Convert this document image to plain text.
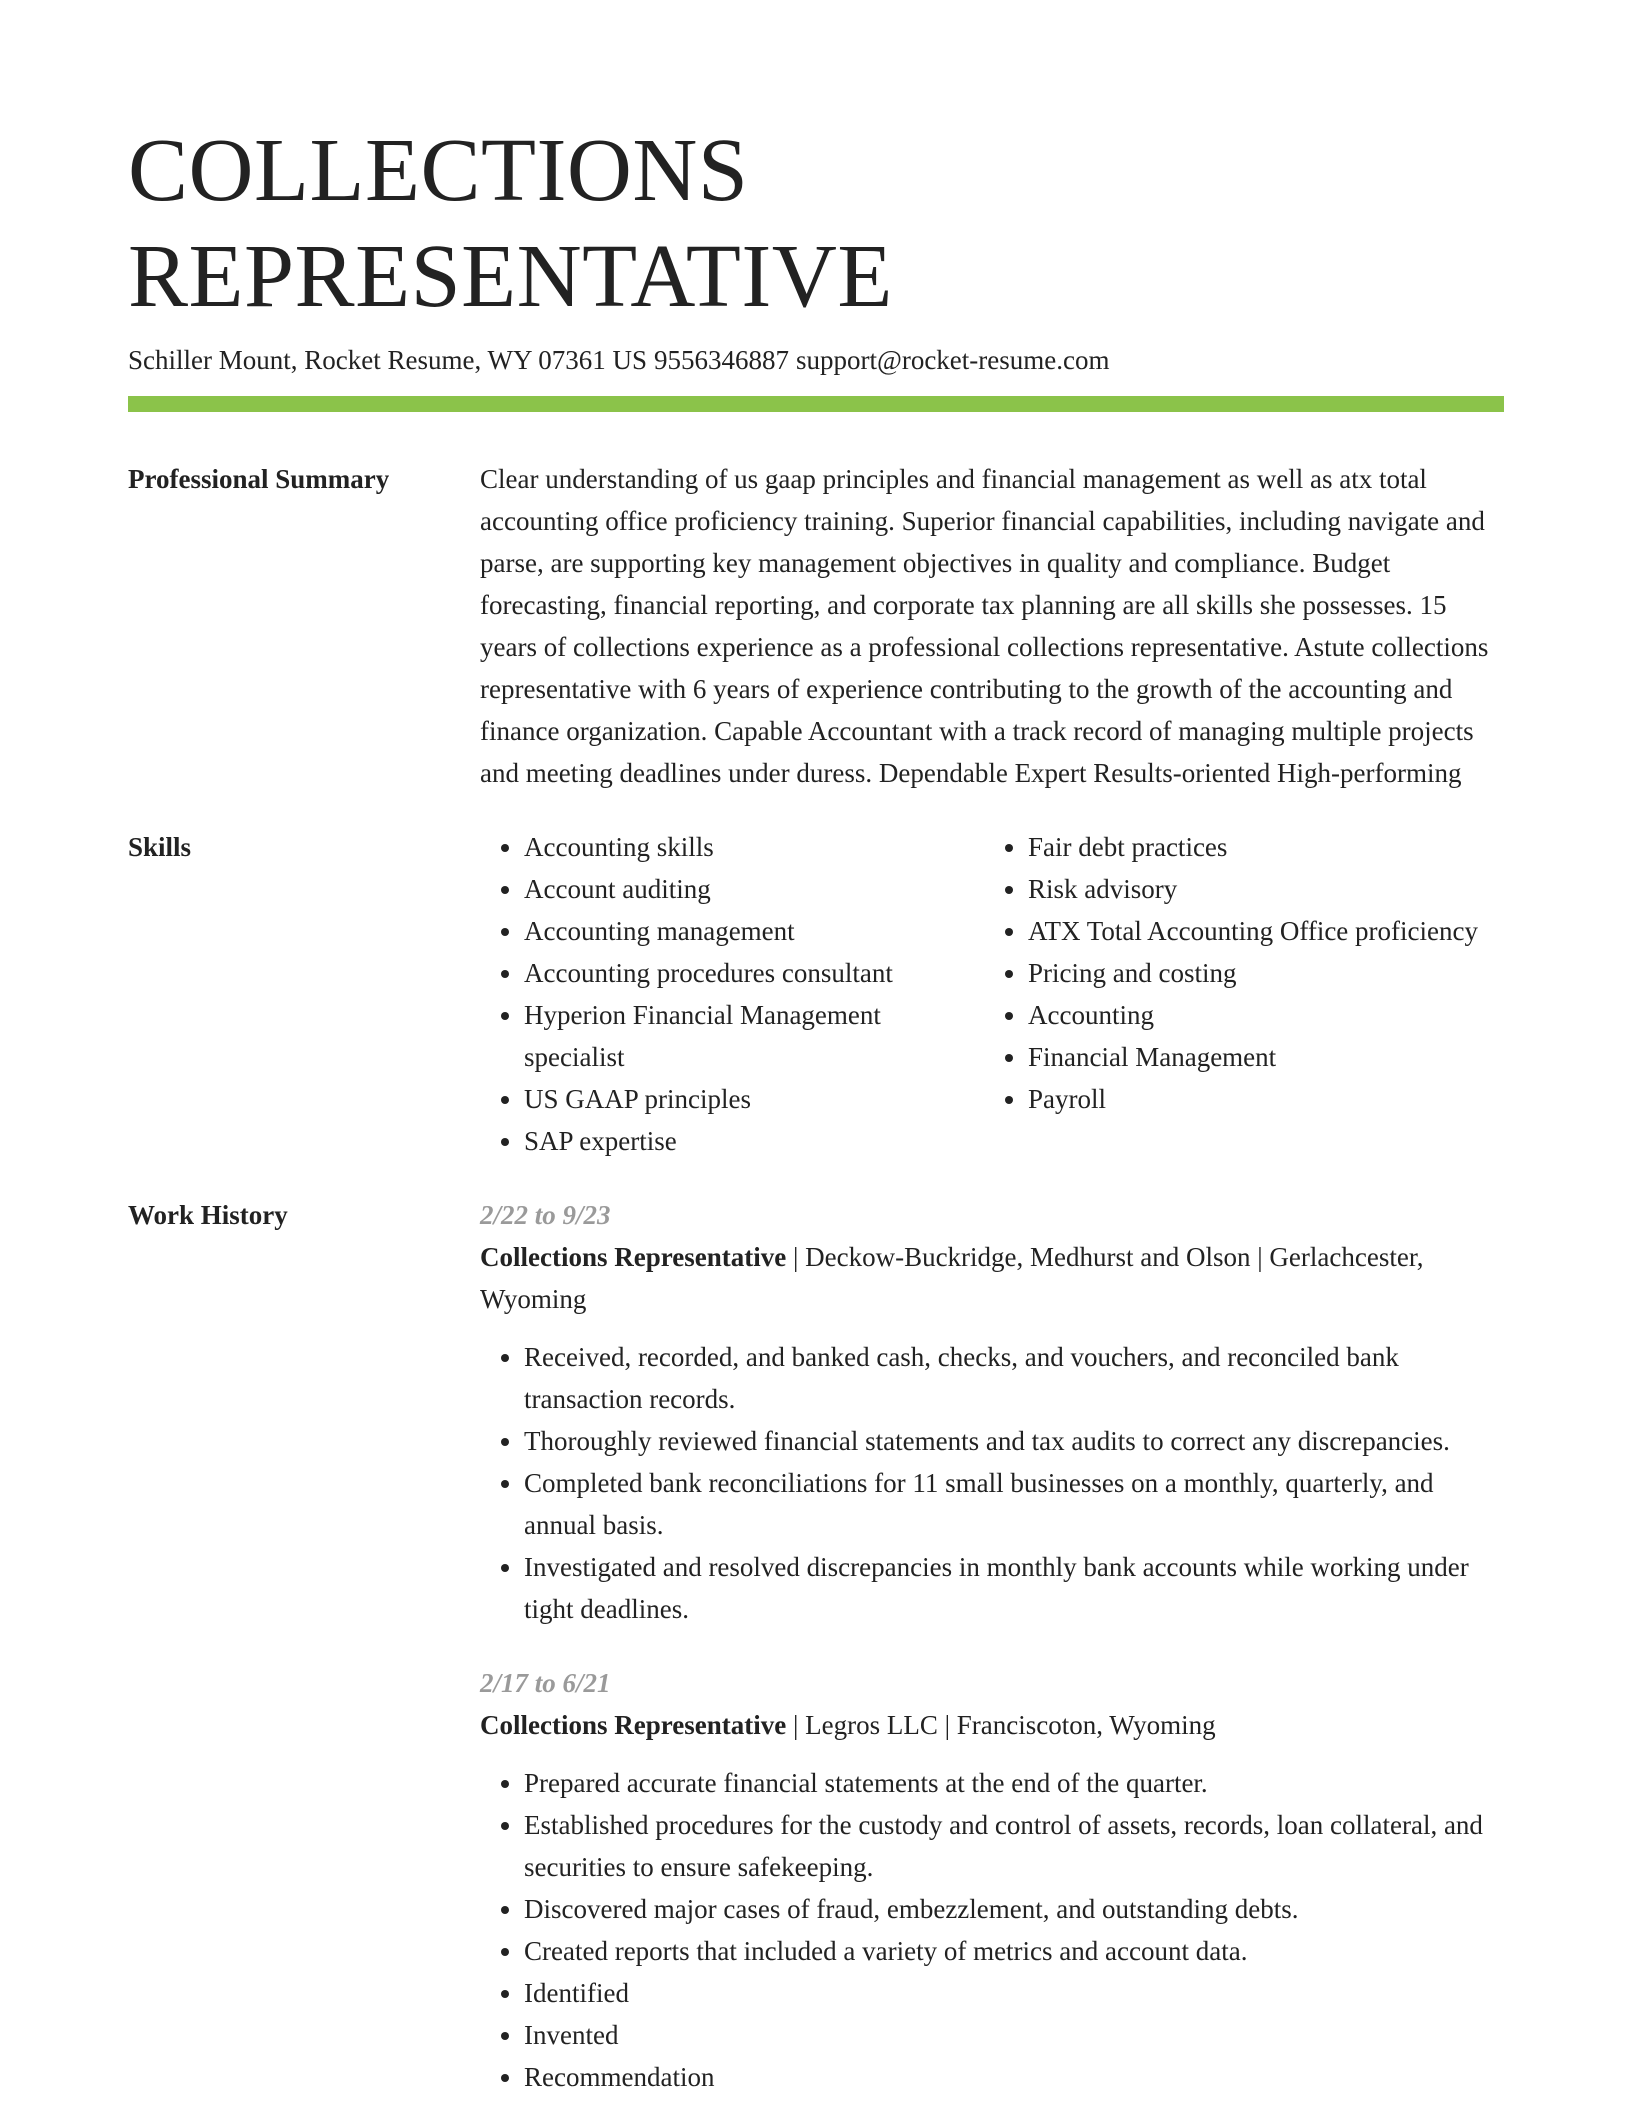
COLLECTIONS REPRESENTATIVE
Schiller Mount, Rocket Resume, WY 07361 US 9556346887 support@rocket-resume.com
Professional Summary	Clear understanding of us gaap principles and financial management as well as atx total accounting office proficiency training. Superior financial capabilities, including navigate and parse, are supporting key management objectives in quality and compliance. Budget forecasting, financial reporting, and corporate tax planning are all skills she possesses. 15 years of collections experience as a professional collections representative. Astute collections representative with 6 years of experience contributing to the growth of the accounting and finance organization. Capable Accountant with a track record of managing multiple projects and meeting deadlines under duress. Dependable Expert Results-oriented High-performing
Skills
•	Accounting skills
• Account auditing
• Accounting management
• Accounting procedures consultant
• Hyperion Financial Management specialist
• US GAAP principles
• SAP expertise
• Fair debt practices
• Risk advisory
• ATX Total Accounting Office proficiency
• Pricing and costing
• Accounting
• Financial Management
• Payroll
Work History	2/22 to 9/23
Collections Representative | Deckow-Buckridge, Medhurst and Olson | Gerlachcester, Wyoming
• Received, recorded, and banked cash, checks, and vouchers, and reconciled bank transaction records.
• Thoroughly reviewed financial statements and tax audits to correct any discrepancies.
• Completed bank reconciliations for 11 small businesses on a monthly, quarterly, and annual basis.
• Investigated and resolved discrepancies in monthly bank accounts while working under tight deadlines.
2/17 to 6/21
Collections Representative | Legros LLC | Franciscoton, Wyoming
• Prepared accurate financial statements at the end of the quarter.
• Established procedures for the custody and control of assets, records, loan collateral, and securities to ensure safekeeping.
• Discovered major cases of fraud, embezzlement, and outstanding debts.
• Created reports that included a variety of metrics and account data.
• Identified
• Invented
• Recommendation
